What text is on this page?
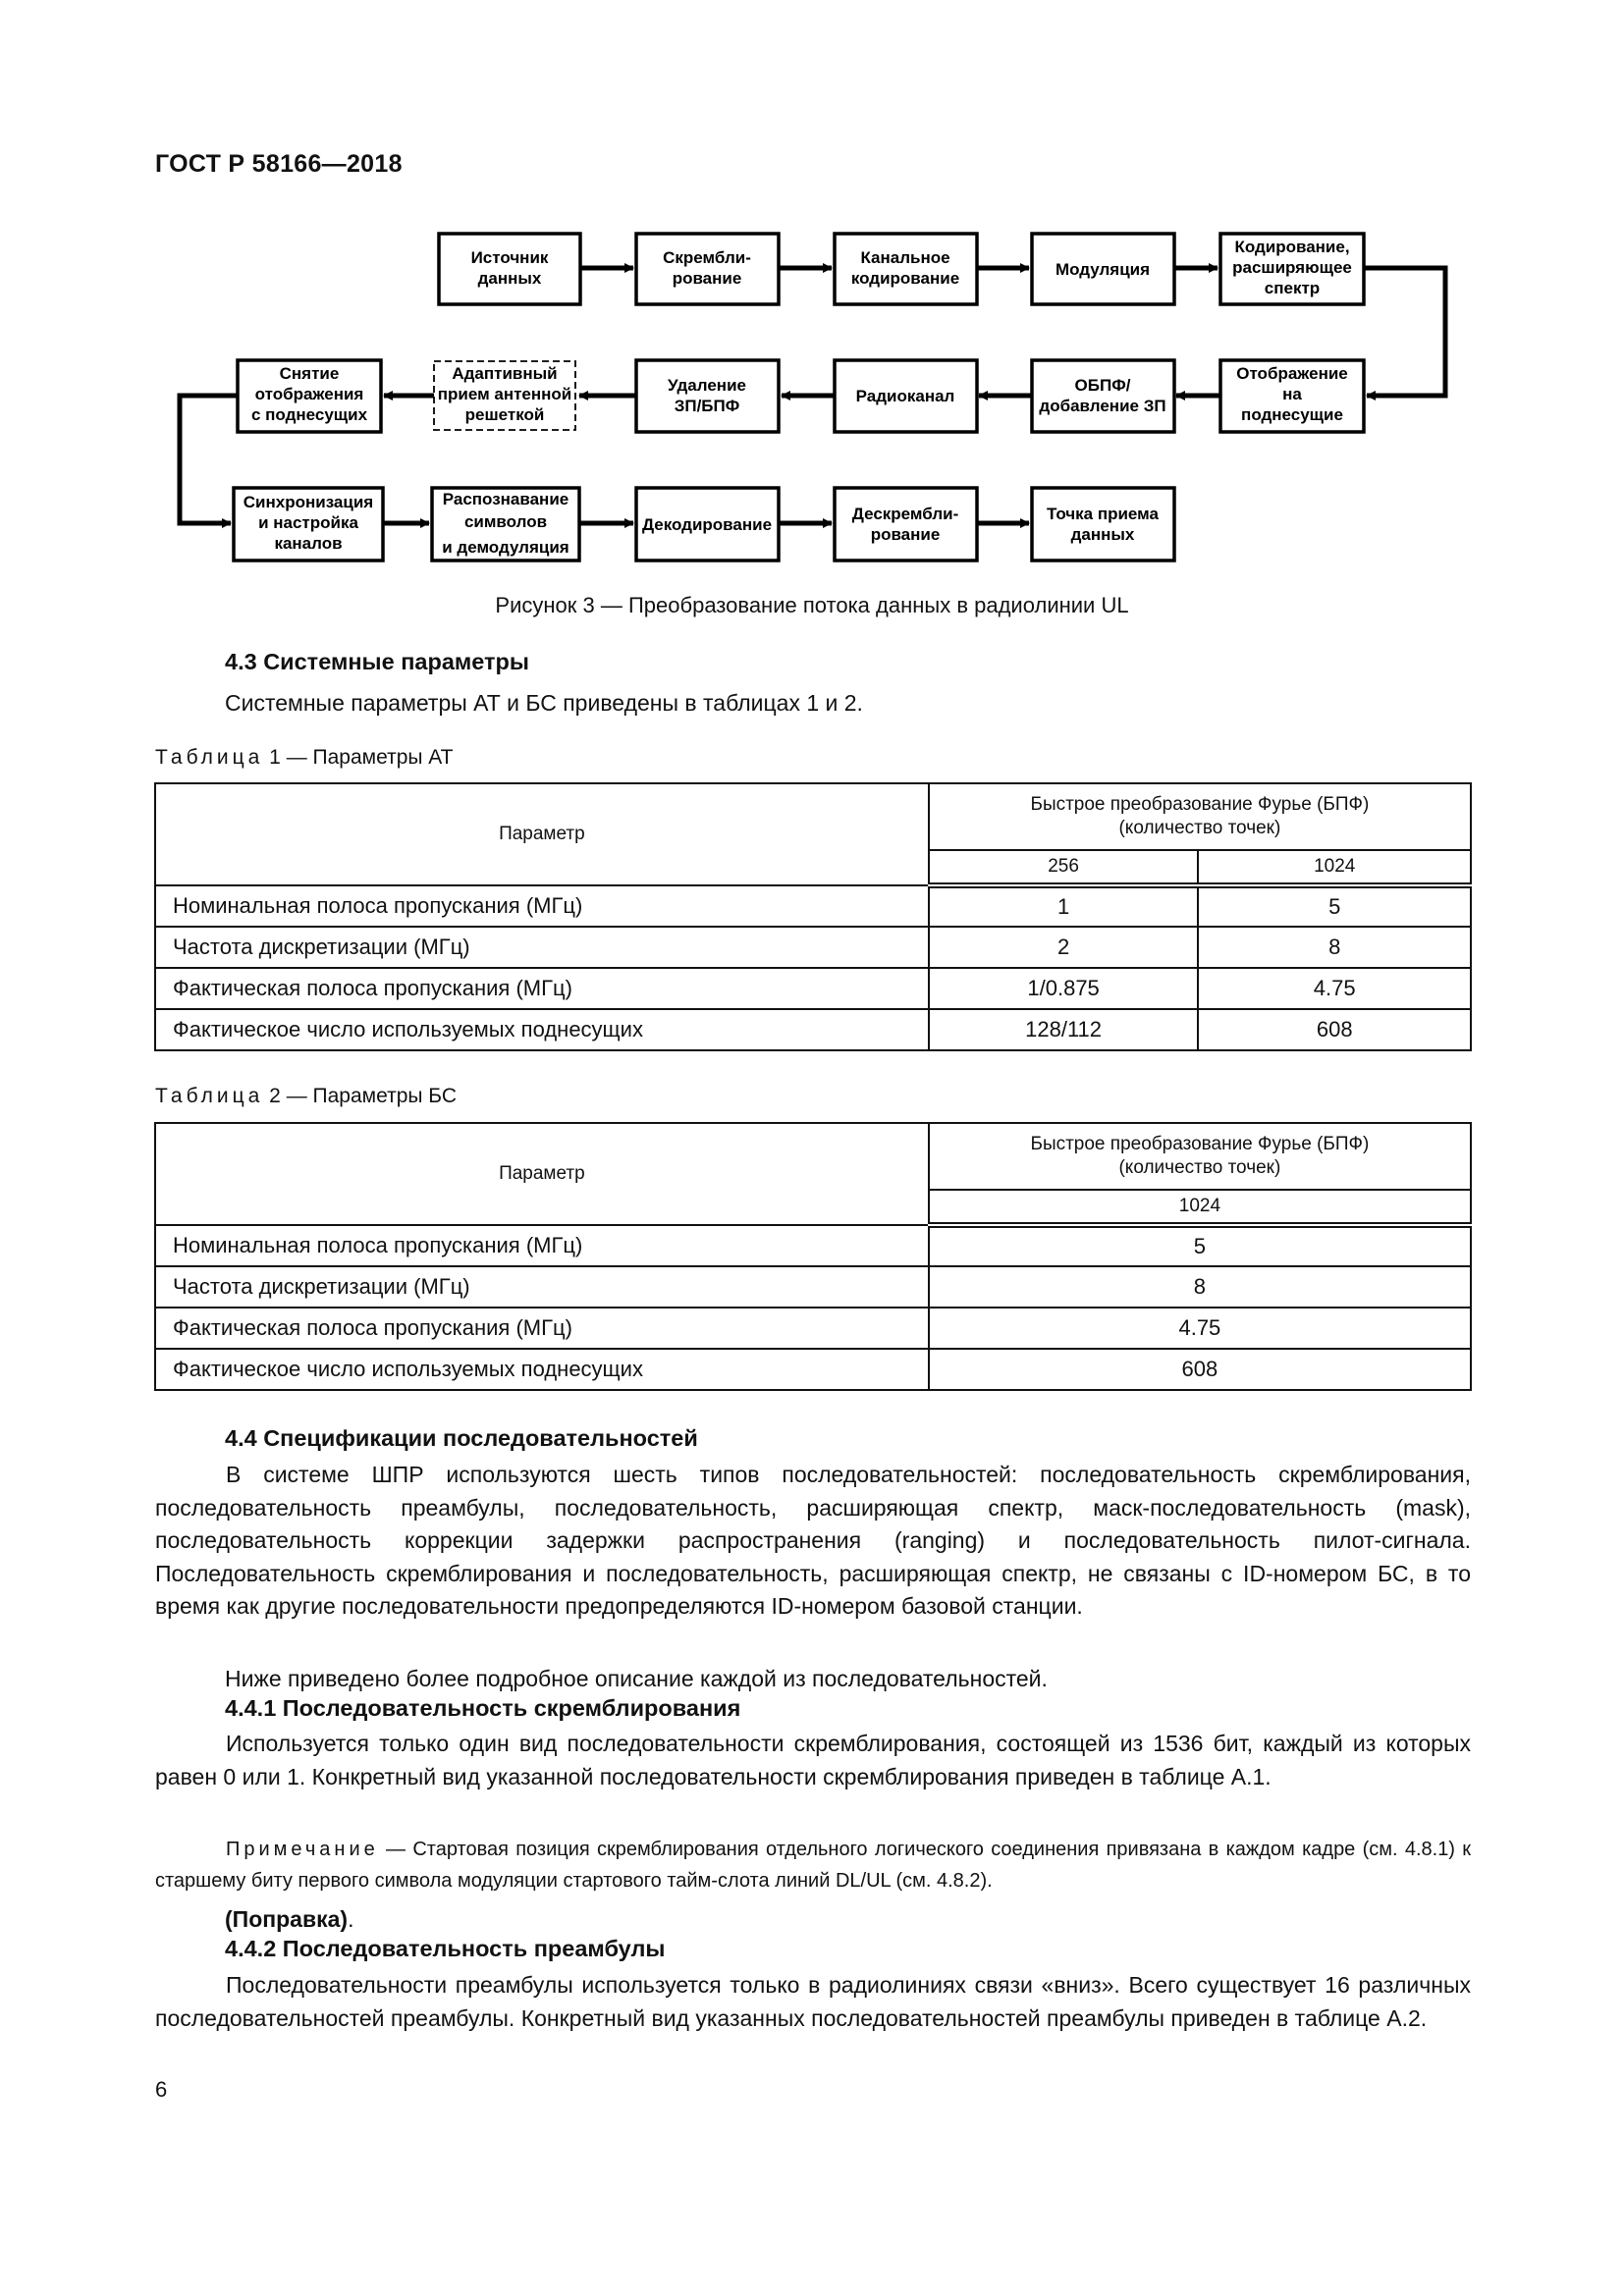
ГОСТ Р 58166—2018
Источник
данных
Скрембли-
рование
Канальное
кодирование	Модуляция
Кодирование,
расширяющее
спектр
Снятие
отображения
с поднесущих
Адаптивный
прием антенной
решеткой
Удаление
ЗП/БПФ
Радиоканал
ОБПФ/
добавление ЗП
Отображение
на
поднесущие
Синхронизация
и настройка
каналов
Распознавание
символов
и демодуляция
Декодирование
Дескрембли-
рование
Точка приема
данных
Рисунок 3 — Преобразование потока данных в радиолинии UL
4.3 Системные параметры
Системные параметры АТ и БС приведены в таблицах 1 и 2.
Таблица 1 — Параметры АТ
Параметр	Быстрое преобразование Фурье (БПФ)
(количество точек)	

	256	1024
Номинальная полоса пропускания (МГц)	1	5
Частота дискретизации (МГц)	2	8
Фактическая полоса пропускания (МГц)	1/0.875	4.75
Фактическое число используемых поднесущих	128/112	608
Таблица 2 — Параметры БС
Параметр	Быстрое преобразование Фурье (БПФ)
(количество точек)

	1024
Номинальная полоса пропускания (МГц)	5
Частота дискретизации (МГц)	8
Фактическая полоса пропускания (МГц)	4.75
Фактическое число используемых поднесущих	608
4.4 Спецификации последовательностей
В системе ШПР используются шесть типов последовательностей: последовательность скремблирования, последовательность преамбулы, последовательность, расширяющая спектр, маск-последовательность (mask), последовательность коррекции задержки распространения (ranging) и последовательность пилот-сигнала. Последовательность скремблирования и последовательность, расширяющая спектр, не связаны с ID-номером БС, в то время как другие последовательности предопределяются ID-номером базовой станции.
Ниже приведено более подробное описание каждой из последовательностей.
4.4.1 Последовательность скремблирования
Используется только один вид последовательности скремблирования, состоящей из 1536 бит, каждый из которых равен 0 или 1. Конкретный вид указанной последовательности скремблирования приведен в таблице А.1.
Примечание — Стартовая позиция скремблирования отдельного логического соединения привязана в каждом кадре (см. 4.8.1) к старшему биту первого символа модуляции стартового тайм-слота линий DL/UL (см. 4.8.2).
(Поправка).
4.4.2 Последовательность преамбулы
Последовательности преамбулы используется только в радиолиниях связи «вниз». Всего существует 16 различных последовательностей преамбулы. Конкретный вид указанных последовательностей преамбулы приведен в таблице А.2.
6
